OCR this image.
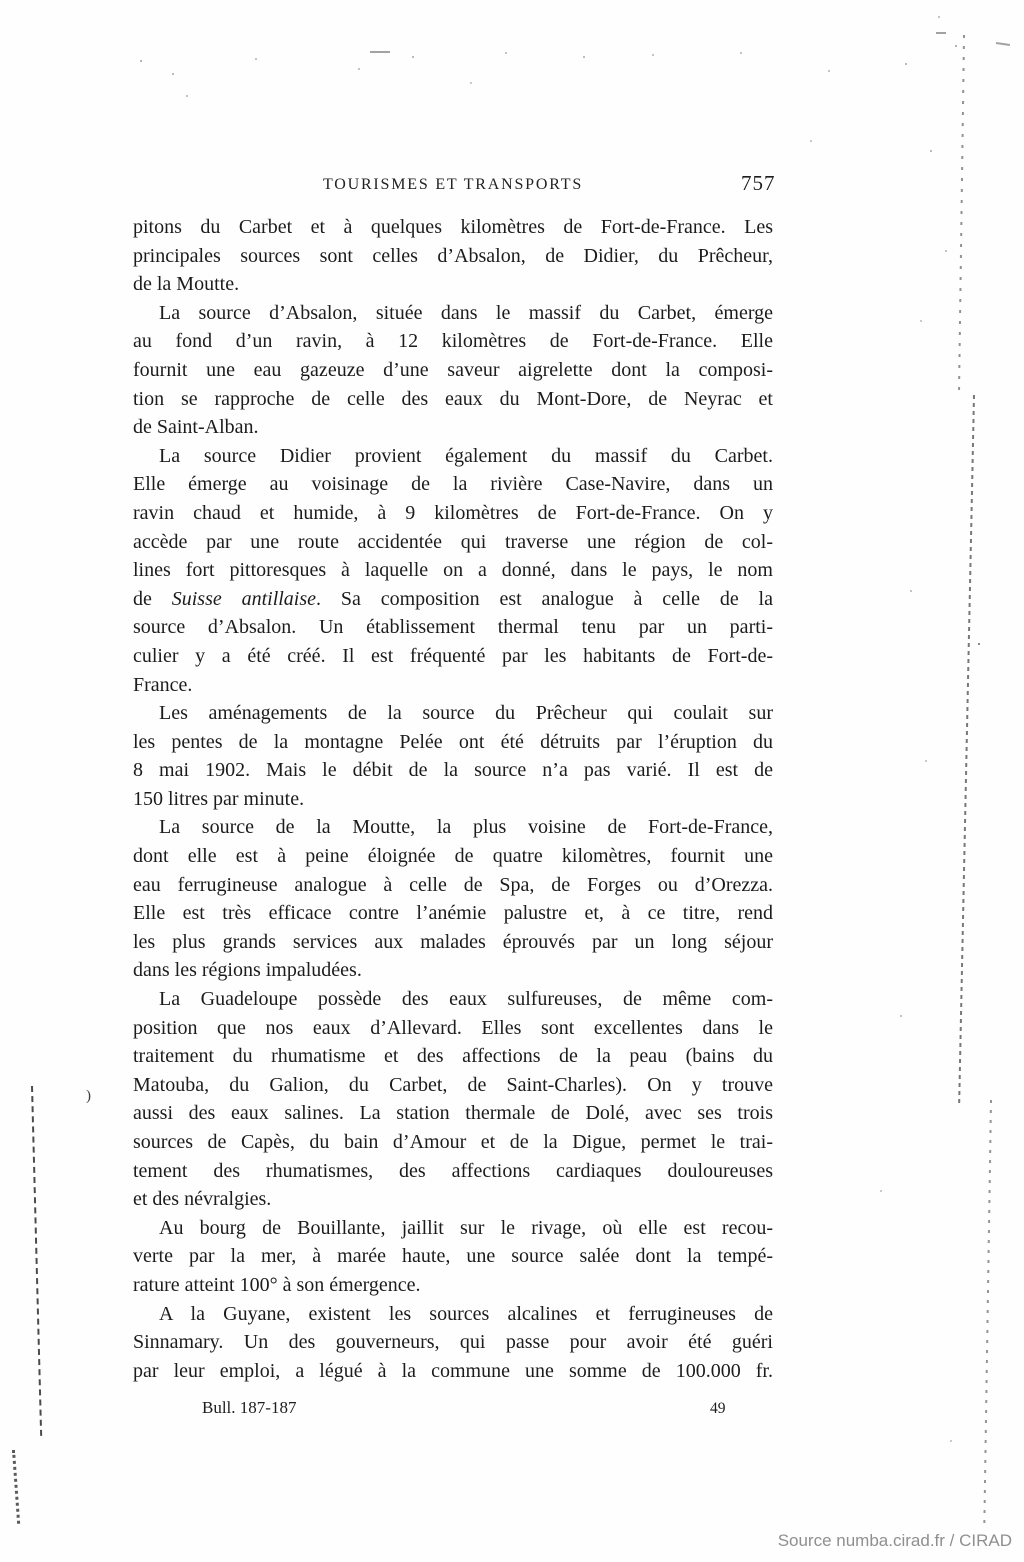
TOURISMES ET TRANSPORTS	757
pitons du Carbet et à quelques kilomètres de Fort-de-France. Les
principales sources sont celles d’Absalon, de Didier, du Prêcheur,
de la Moutte.
La source d’Absalon, située dans le massif du Carbet, émerge
au fond d’un ravin, à 12 kilomètres de Fort-de-France. Elle
fournit une eau gazeuze d’une saveur aigrelette dont la composi-
tion se rapproche de celle des eaux du Mont-Dore, de Neyrac et
de Saint-Alban.
La source Didier provient également du massif du Carbet.
Elle émerge au voisinage de la rivière Case-Navire, dans un
ravin chaud et humide, à 9 kilomètres de Fort-de-France. On y
accède par une route accidentée qui traverse une région de col-
lines fort pittoresques à laquelle on a donné, dans le pays, le nom
de Suisse antillaise. Sa composition est analogue à celle de la
source d’Absalon. Un établissement thermal tenu par un parti-
culier y a été créé. Il est fréquenté par les habitants de Fort-de-
France.
Les aménagements de la source du Prêcheur qui coulait sur
les pentes de la montagne Pelée ont été détruits par l’éruption du
8 mai 1902. Mais le débit de la source n’a pas varié. Il est de
150 litres par minute.
La source de la Moutte, la plus voisine de Fort-de-France,
dont elle est à peine éloignée de quatre kilomètres, fournit une
eau ferrugineuse analogue à celle de Spa, de Forges ou d’Orezza.
Elle est très efficace contre l’anémie palustre et, à ce titre, rend
les plus grands services aux malades éprouvés par un long séjour
dans les régions impaludées.
La Guadeloupe possède des eaux sulfureuses, de même com-
position que nos eaux d’Allevard. Elles sont excellentes dans le
traitement du rhumatisme et des affections de la peau (bains du
Matouba, du Galion, du Carbet, de Saint-Charles). On y trouve
aussi des eaux salines. La station thermale de Dolé, avec ses trois
sources de Capès, du bain d’Amour et de la Digue, permet le trai-
tement des rhumatismes, des affections cardiaques douloureuses
et des névralgies.
Au bourg de Bouillante, jaillit sur le rivage, où elle est recou-
verte par la mer, à marée haute, une source salée dont la tempé-
rature atteint 100° à son émergence.
A la Guyane, existent les sources alcalines et ferrugineuses de
Sinnamary. Un des gouverneurs, qui passe pour avoir été guéri
par leur emploi, a légué à la commune une somme de 100.000 fr.
Bull. 187-187	49
Source numba.cirad.fr / CIRAD
)
